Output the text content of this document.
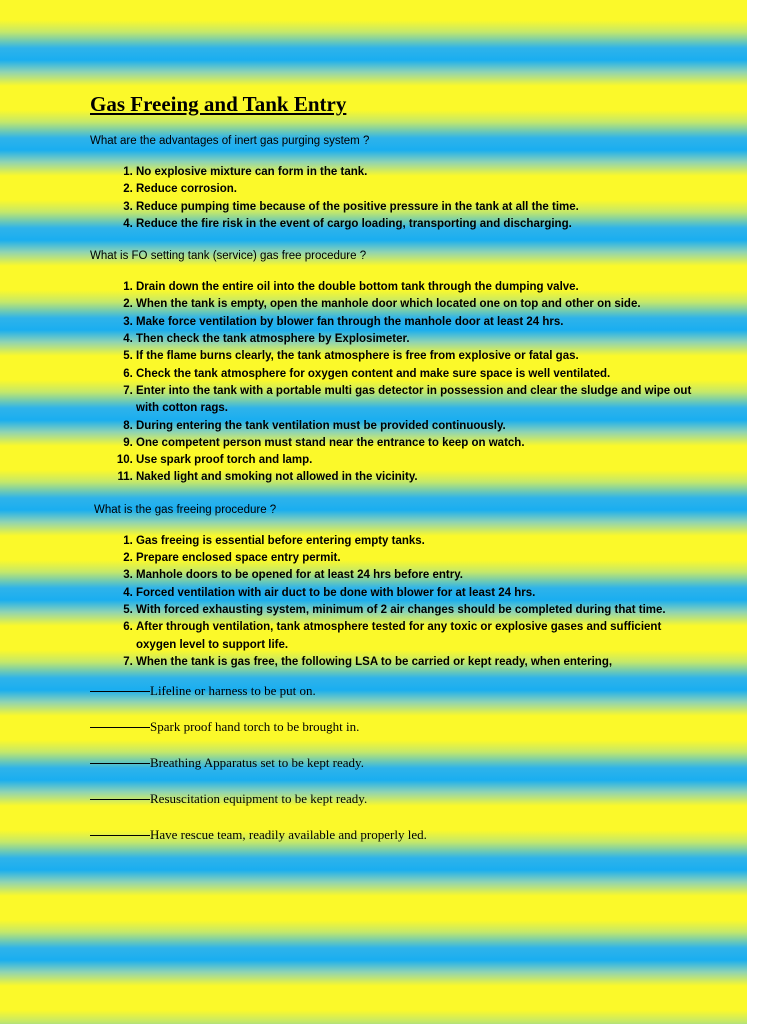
Gas Freeing and Tank Entry

What are the advantages of inert gas purging system ?

1. No explosive mixture can form in the tank.
2. Reduce corrosion.
3. Reduce pumping time because of the positive pressure in the tank at all the time.
4. Reduce the fire risk in the event of cargo loading, transporting and discharging.

What is FO setting tank (service) gas free procedure ?

1. Drain down the entire oil into the double bottom tank through the dumping valve.
2. When the tank is empty, open the manhole door which located one on top and other on side.
3. Make force ventilation by blower fan through the manhole door at least 24 hrs.
4. Then check the tank atmosphere by Explosimeter.
5. If the flame burns clearly, the tank atmosphere is free from explosive or fatal gas.
6. Check the tank atmosphere for oxygen content and make sure space is well ventilated.
7. Enter into the tank with a portable multi gas detector in possession and clear the sludge and wipe out with cotton rags.
8. During entering the tank ventilation must be provided continuously.
9. One competent person must stand near the entrance to keep on watch.
10. Use spark proof torch and lamp.
11. Naked light and smoking not allowed in the vicinity.

What is the gas freeing procedure ?

1. Gas freeing is essential before entering empty tanks.
2. Prepare enclosed space entry permit.
3. Manhole doors to be opened for at least 24 hrs before entry.
4. Forced ventilation with air duct to be done with blower for at least 24 hrs.
5. With forced exhausting system, minimum of 2 air changes should be completed during that time.
6. After through ventilation, tank atmosphere tested for any toxic or explosive gases and sufficient oxygen level to support life.
7. When the tank is gas free, the following LSA to be carried or kept ready, when entering,

Lifeline or harness to be put on.

Spark proof hand torch to be brought in.

Breathing Apparatus set to be kept ready.

Resuscitation equipment to be kept ready.

Have rescue team, readily available and properly led.
